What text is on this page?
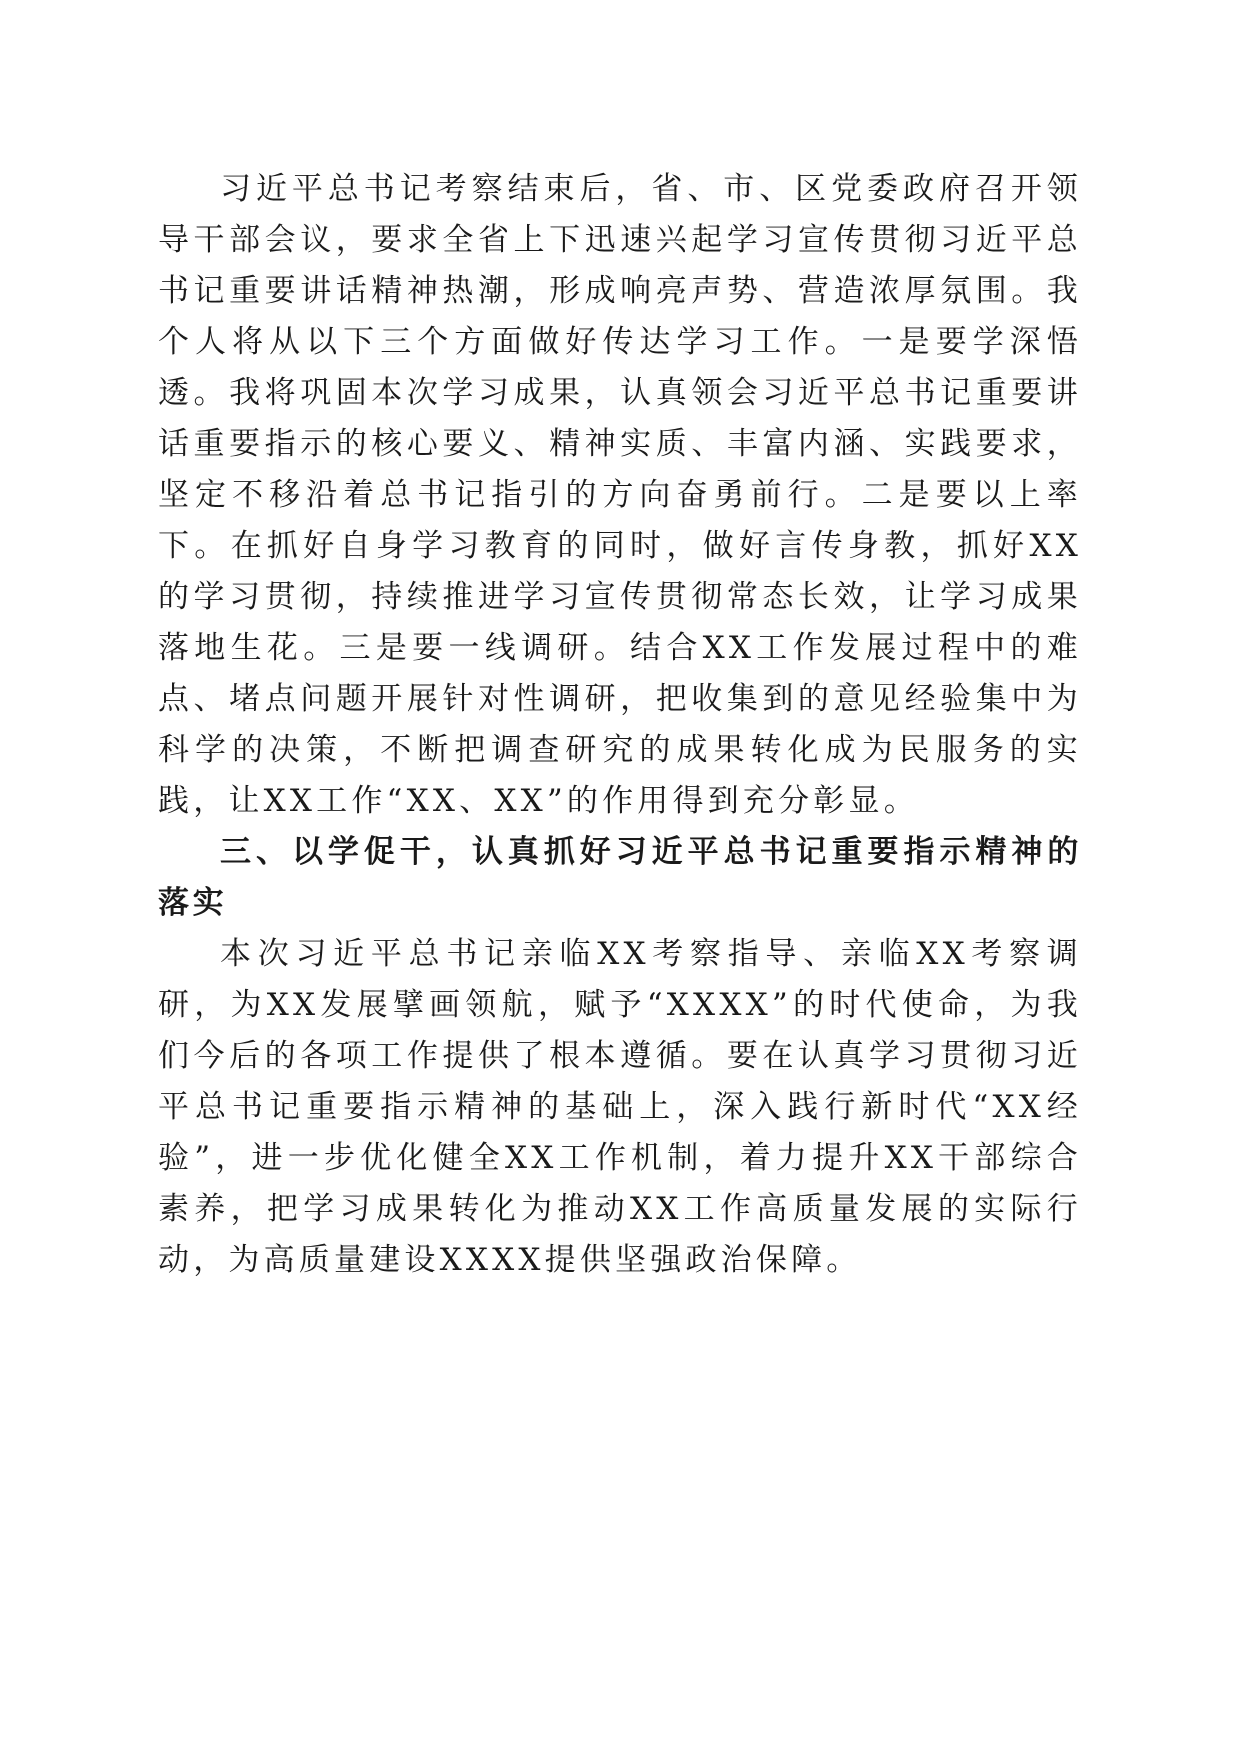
习近平总书记考察结束后，省、市、区党委政府召开领导干部会议，要求全省上下迅速兴起学习宣传贯彻习近平总书记重要讲话精神热潮，形成响亮声势、营造浓厚氛围。我个人将从以下三个方面做好传达学习工作。一是要学深悟透。我将巩固本次学习成果，认真领会习近平总书记重要讲话重要指示的核心要义、精神实质、丰富内涵、实践要求，坚定不移沿着总书记指引的方向奋勇前行。二是要以上率下。在抓好自身学习教育的同时，做好言传身教，抓好XX的学习贯彻，持续推进学习宣传贯彻常态长效，让学习成果落地生花。三是要一线调研。结合XX工作发展过程中的难点、堵点问题开展针对性调研，把收集到的意见经验集中为科学的决策，不断把调查研究的成果转化成为民服务的实践，让XX工作“XX、XX”的作用得到充分彰显。

三、以学促干，认真抓好习近平总书记重要指示精神的落实

本次习近平总书记亲临XX考察指导、亲临XX考察调研，为XX发展擘画领航，赋予“XXXX”的时代使命，为我们今后的各项工作提供了根本遵循。要在认真学习贯彻习近平总书记重要指示精神的基础上，深入践行新时代“XX经验”，进一步优化健全XX工作机制，着力提升XX干部综合素养，把学习成果转化为推动XX工作高质量发展的实际行动，为高质量建设XXXX提供坚强政治保障。
